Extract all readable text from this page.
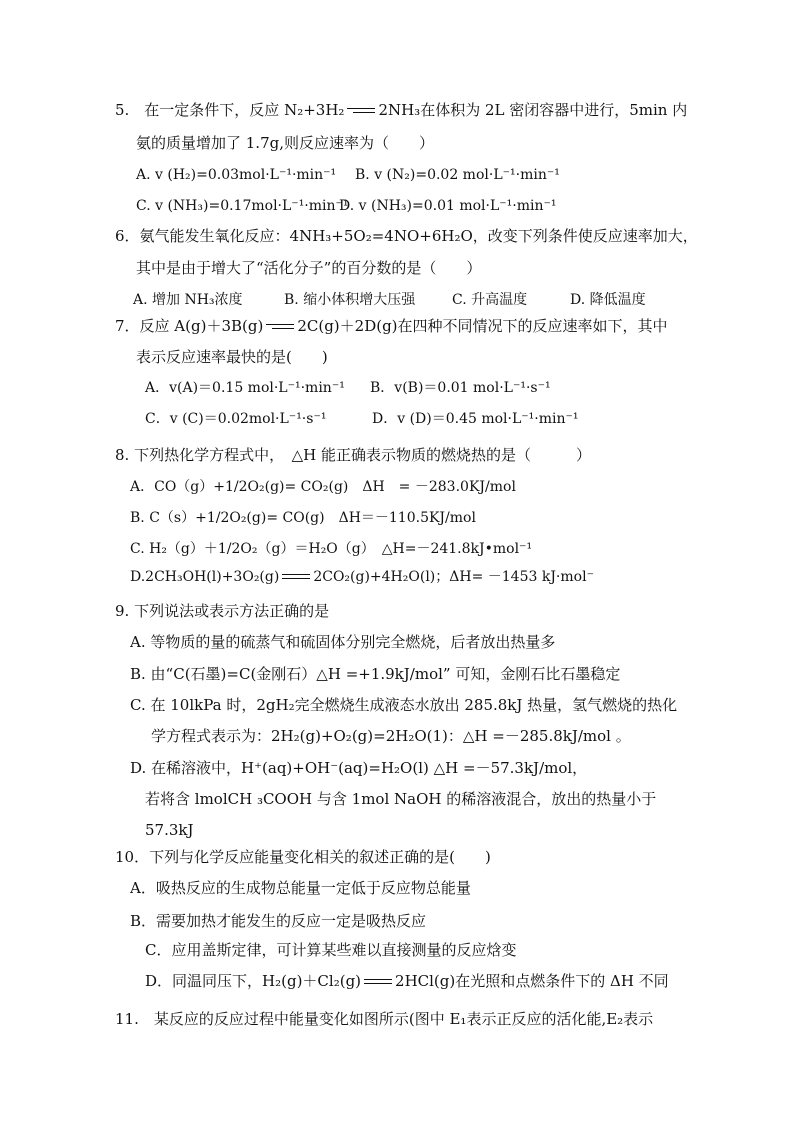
5.　在一定条件下，反应 N₂+3H₂ 2NH₃在体积为 2L 密闭容器中进行，5min 内
氨的质量增加了 1.7g,则反应速率为（　　）
A. v (H₂)=0.03mol·L⁻¹·min⁻¹ B. v (N₂)=0.02 mol·L⁻¹·min⁻¹
C. v (NH₃)=0.17mol·L⁻¹·min⁻¹
D. v (NH₃)=0.01 mol·L⁻¹·min⁻¹
6．氨气能发生氧化反应：4NH₃+5O₂=4NO+6H₂O，改变下列条件使反应速率加大，
其中是由于增大了“活化分子”的百分数的是（　　）
A. 增加 NH₃浓度	B. 缩小体积增大压强	C. 升高温度	D. 降低温度
7．反应 A(g)＋3B(g) 2C(g)＋2D(g)在四种不同情况下的反应速率如下，其中
表示反应速率最快的是(　　)
A．v(A)＝0.15 mol·L⁻¹·min⁻¹ B．v(B)＝0.01 mol·L⁻¹·s⁻¹
C．v (C)＝0.02mol·L⁻¹·s⁻¹	D．v (D)＝0.45 mol·L⁻¹·min⁻¹
8. 下列热化学方程式中，　△H 能正确表示物质的燃烧热的是（　　　）
A．CO（g）+1/2O₂(g)= CO₂(g)　ΔH　= －283.0KJ/mol
B. C（s）+1/2O₂(g)= CO(g)　ΔH＝－110.5KJ/mol
C. H₂（g）＋1/2O₂（g）＝H₂O（g）　△H=－241.8kJ•mol⁻¹
D.2CH₃OH(l)+3O₂(g) 2CO₂(g)+4H₂O(l)；ΔH= －1453 kJ·mol⁻
9. 下列说法或表示方法正确的是
A. 等物质的量的硫蒸气和硫固体分别完全燃烧，后者放出热量多
B. 由“C(石墨)=C(金刚石）△H =+1.9kJ/mol” 可知，金刚石比石墨稳定
C. 在 10lkPa 时，2gH₂完全燃烧生成液态水放出 285.8kJ 热量，氢气燃烧的热化
学方程式表示为：2H₂(g)+O₂(g)=2H₂O(1)：△H =－285.8kJ/mol 。
D. 在稀溶液中，H⁺(aq)+OH⁻(aq)=H₂O(l) △H =－57.3kJ/mol，
若将含 lmolCH ₃COOH 与含 1mol NaOH 的稀溶液混合，放出的热量小于
57.3kJ
10．下列与化学反应能量变化相关的叙述正确的是(　　)
A．吸热反应的生成物总能量一定低于反应物总能量
B．需要加热才能发生的反应一定是吸热反应
C．应用盖斯定律，可计算某些难以直接测量的反应焓变
D．同温同压下，H₂(g)＋Cl₂(g) 2HCl(g)在光照和点燃条件下的 ΔH 不同
11.　某反应的反应过程中能量变化如图所示(图中 E₁表示正反应的活化能,E₂表示
